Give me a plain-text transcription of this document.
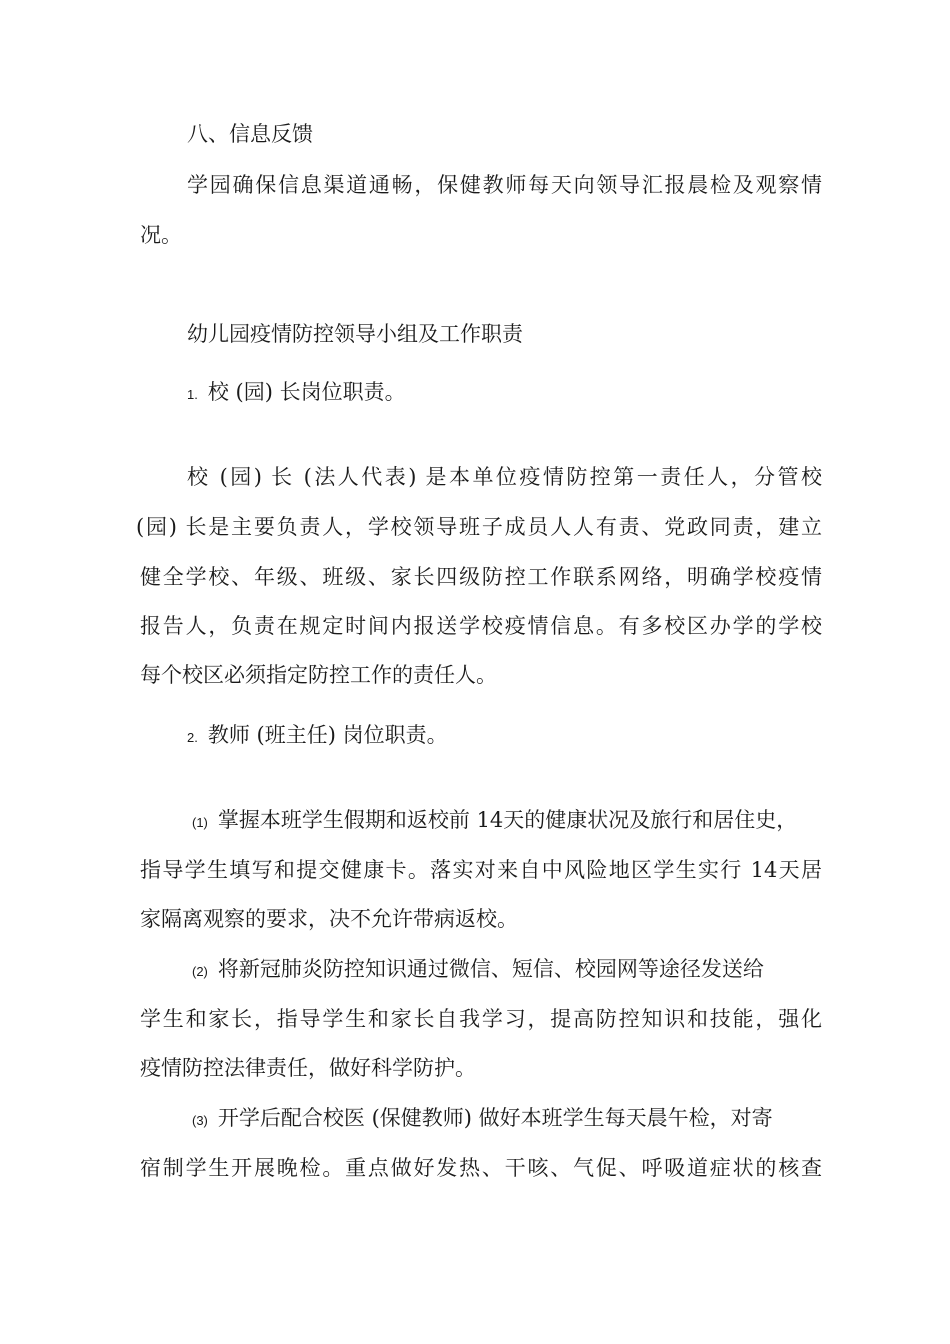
八、信息反馈
学园确保信息渠道通畅，保健教师每天向领导汇报晨检及观察情
况。
幼儿园疫情防控领导小组及工作职责
1. 校 (园) 长岗位职责。
校 (园) 长 (法人代表) 是本单位疫情防控第一责任人，分管校
(园) 长是主要负责人，学校领导班子成员人人有责、党政同责，建立
健全学校、年级、班级、家长四级防控工作联系网络，明确学校疫情
报告人，负责在规定时间内报送学校疫情信息。有多校区办学的学校
每个校区必须指定防控工作的责任人。
2. 教师 (班主任) 岗位职责。
(1) 掌握本班学生假期和返校前 14天的健康状况及旅行和居住史，
指导学生填写和提交健康卡。落实对来自中风险地区学生实行 14天居
家隔离观察的要求，决不允许带病返校。
(2) 将新冠肺炎防控知识通过微信、短信、校园网等途径发送给
学生和家长，指导学生和家长自我学习，提高防控知识和技能，强化
疫情防控法律责任，做好科学防护。
(3) 开学后配合校医 (保健教师) 做好本班学生每天晨午检，对寄
宿制学生开展晚检。重点做好发热、干咳、气促、呼吸道症状的核查
